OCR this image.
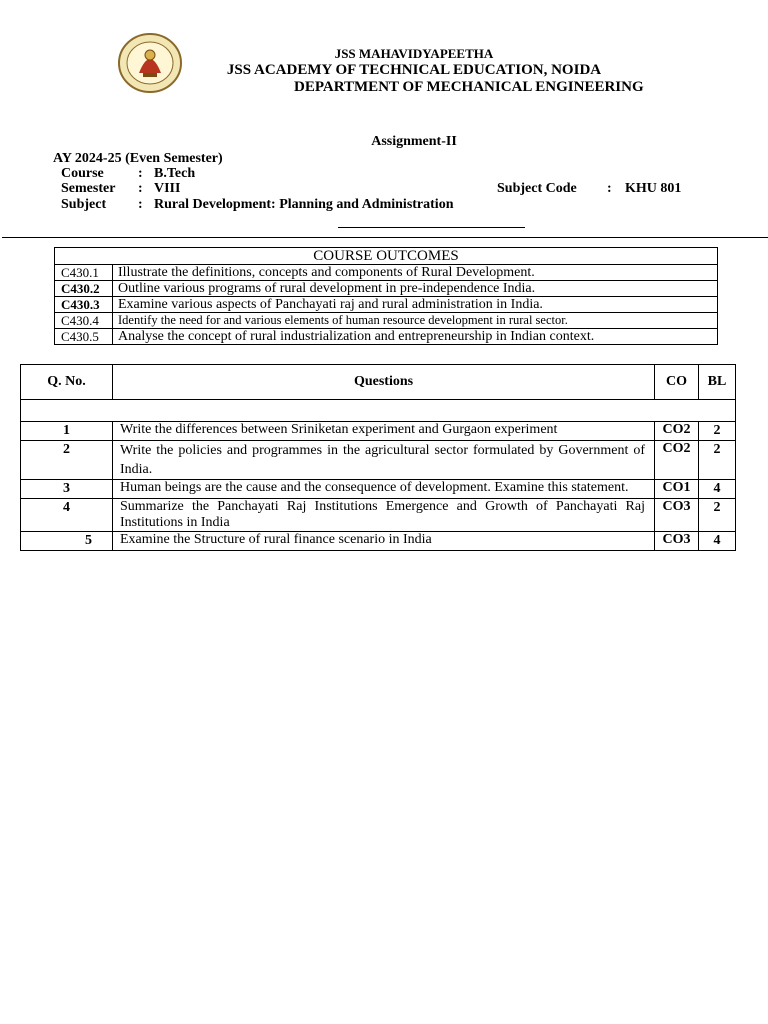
JSS MAHAVIDYAPEETHA
JSS ACADEMY OF TECHNICAL EDUCATION, NOIDA
DEPARTMENT OF MECHANICAL ENGINEERING
Assignment-II
AY 2024-25 (Even Semester)
Course : B.Tech
Semester : VIII
Subject : Rural Development: Planning and Administration
Subject Code : KHU 801
COURSE OUTCOMES	
C430.1	Illustrate the definitions, concepts and components of Rural Development.
C430.2	Outline various programs of rural development in pre-independence India.
C430.3	Examine various aspects of Panchayati raj and rural administration in India.
C430.4	Identify the need for and various elements of human resource development in rural sector.
C430.5	Analyse the concept of rural industrialization and entrepreneurship in Indian context.
Q. No.	Questions	CO	BL

1	Write the differences between Sriniketan experiment and Gurgaon experiment	CO2	2
2	Write the policies and programmes in the agricultural sector formulated by Government of India.	CO2	2
3	Human beings are the cause and the consequence of development. Examine this statement.	CO1	4
4	Summarize the Panchayati Raj Institutions Emergence and Growth of Panchayati Raj Institutions in India	CO3	2
5	Examine the Structure of rural finance scenario in India	CO3	4
